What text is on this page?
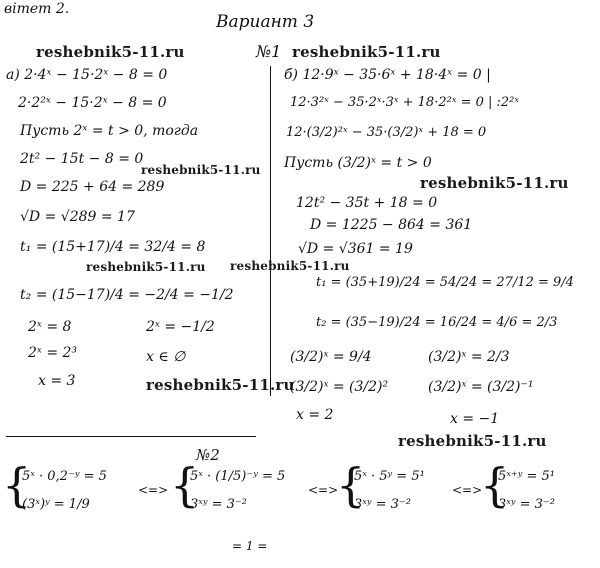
вітет 2.
Вариант 3
reshebnik5-11.ru	reshebnik5-11.ru
reshebnik5-11.ru
reshebnik5-11.ru
reshebnik5-11.ru reshebnik5-11.ru
reshebnik5-11.ru
reshebnik5-11.ru
№1
а) 2·4ˣ − 15·2ˣ − 8 = 0
2·2²ˣ − 15·2ˣ − 8 = 0
Пусть 2ˣ = t > 0, тогда
2t² − 15t − 8 = 0
D = 225 + 64 = 289
√D = √289 = 17
t₁ = (15+17)/4 = 32/4 = 8
t₂ = (15−17)/4 = −2/4 = −1/2
2ˣ = 8
2ˣ = 2³
x = 3
2ˣ = −1/2
x ∈ ∅
б) 12·9ˣ − 35·6ˣ + 18·4ˣ = 0 |
12·3²ˣ − 35·2ˣ·3ˣ + 18·2²ˣ = 0 | :2²ˣ
12·(3/2)²ˣ − 35·(3/2)ˣ + 18 = 0
Пусть (3/2)ˣ = t > 0
12t² − 35t + 18 = 0
D = 1225 − 864 = 361
√D = √361 = 19
t₁ = (35+19)/24 = 54/24 = 27/12 = 9/4
t₂ = (35−19)/24 = 16/24 = 4/6 = 2/3
(3/2)ˣ = 9/4
(3/2)ˣ = (3/2)²
x = 2
(3/2)ˣ = 2/3
(3/2)ˣ = (3/2)⁻¹
x = −1
№2
{
5ˣ · 0,2⁻ʸ = 5
(3ˣ)ʸ = 1/9
<=> {
5ˣ · (1/5)⁻ʸ = 5
3ˣʸ = 3⁻²
<=>
{
5ˣ · 5ʸ = 5¹
3ˣʸ = 3⁻²
<=>
{
5ˣ⁺ʸ = 5¹
3ˣʸ = 3⁻²
= 1 =
